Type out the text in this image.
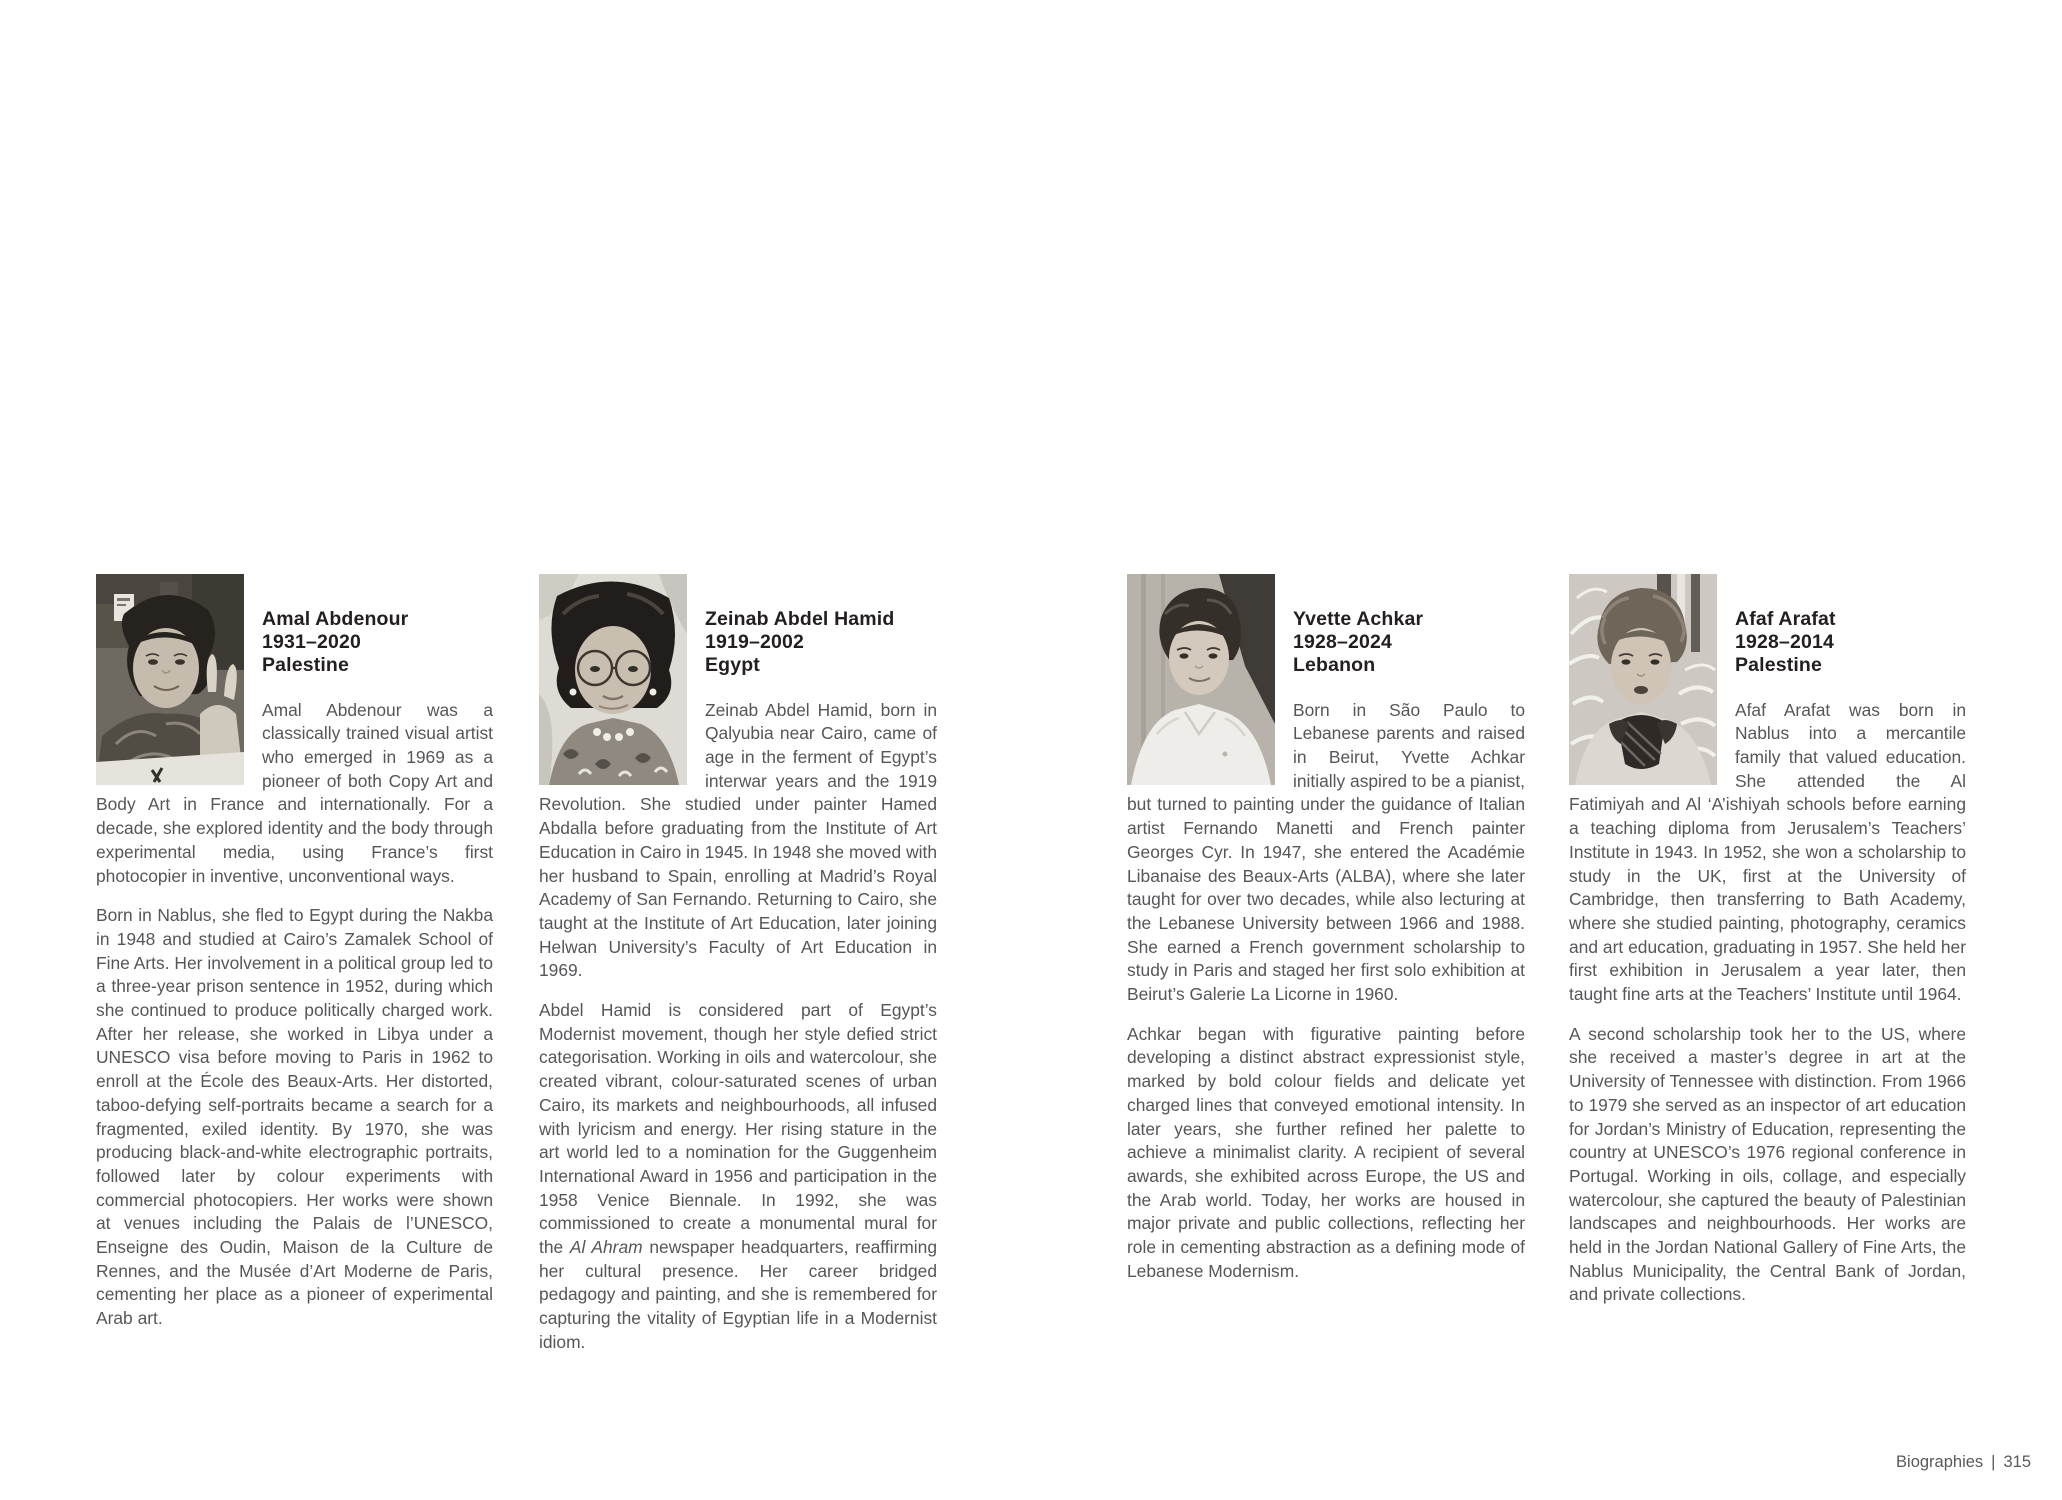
Amal Abdenour
1931–2020
Palestine

Amal Abdenour was a classically trained visual artist who emerged in 1969 as a pioneer of both Copy Art and Body Art in France and internationally. For a decade, she explored identity and the body through experimental media, using France’s first photocopier in inventive, unconventional ways.

Born in Nablus, she fled to Egypt during the Nakba in 1948 and studied at Cairo’s Zamalek School of Fine Arts. Her involvement in a political group led to a three-year prison sentence in 1952, during which she continued to produce politically charged work. After her release, she worked in Libya under a UNESCO visa before moving to Paris in 1962 to enroll at the École des Beaux-Arts. Her distorted, taboo-defying self-portraits became a search for a fragmented, exiled identity. By 1970, she was producing black-and-white electrographic portraits, followed later by colour experiments with commercial photocopiers. Her works were shown at venues including the Palais de l’UNESCO, Enseigne des Oudin, Maison de la Culture de Rennes, and the Musée d’Art Moderne de Paris, cementing her place as a pioneer of experimental Arab art.

Zeinab Abdel Hamid
1919–2002
Egypt

Zeinab Abdel Hamid, born in Qalyubia near Cairo, came of age in the ferment of Egypt’s interwar years and the 1919 Revolution. She studied under painter Hamed Abdalla before graduating from the Institute of Art Education in Cairo in 1945. In 1948 she moved with her husband to Spain, enrolling at Madrid’s Royal Academy of San Fernando. Returning to Cairo, she taught at the Institute of Art Education, later joining Helwan University’s Faculty of Art Education in 1969.

Abdel Hamid is considered part of Egypt’s Modernist movement, though her style defied strict categorisation. Working in oils and watercolour, she created vibrant, colour-saturated scenes of urban Cairo, its markets and neighbourhoods, all infused with lyricism and energy. Her rising stature in the art world led to a nomination for the Guggenheim International Award in 1956 and participation in the 1958 Venice Biennale. In 1992, she was commissioned to create a monumental mural for the Al Ahram newspaper headquarters, reaffirming her cultural presence. Her career bridged pedagogy and painting, and she is remembered for capturing the vitality of Egyptian life in a Modernist idiom.

Yvette Achkar
1928–2024
Lebanon

Born in São Paulo to Lebanese parents and raised in Beirut, Yvette Achkar initially aspired to be a pianist, but turned to painting under the guidance of Italian artist Fernando Manetti and French painter Georges Cyr. In 1947, she entered the Académie Libanaise des Beaux-Arts (ALBA), where she later taught for over two decades, while also lecturing at the Lebanese University between 1966 and 1988. She earned a French government scholarship to study in Paris and staged her first solo exhibition at Beirut’s Galerie La Licorne in 1960.

Achkar began with figurative painting before developing a distinct abstract expressionist style, marked by bold colour fields and delicate yet charged lines that conveyed emotional intensity. In later years, she further refined her palette to achieve a minimalist clarity. A recipient of several awards, she exhibited across Europe, the US and the Arab world. Today, her works are housed in major private and public collections, reflecting her role in cementing abstraction as a defining mode of Lebanese Modernism.

Afaf Arafat
1928–2014
Palestine

Afaf Arafat was born in Nablus into a mercantile family that valued education. She attended the Al Fatimiyah and Al ‘A’ishiyah schools before earning a teaching diploma from Jerusalem’s Teachers’ Institute in 1943. In 1952, she won a scholarship to study in the UK, first at the University of Cambridge, then transferring to Bath Academy, where she studied painting, photography, ceramics and art education, graduating in 1957. She held her first exhibition in Jerusalem a year later, then taught fine arts at the Teachers’ Institute until 1964.

A second scholarship took her to the US, where she received a master’s degree in art at the University of Tennessee with distinction. From 1966 to 1979 she served as an inspector of art education for Jordan’s Ministry of Education, representing the country at UNESCO’s 1976 regional conference in Portugal. Working in oils, collage, and especially watercolour, she captured the beauty of Palestinian landscapes and neighbourhoods. Her works are held in the Jordan National Gallery of Fine Arts, the Nablus Municipality, the Central Bank of Jordan, and private collections.

Biographies | 315
